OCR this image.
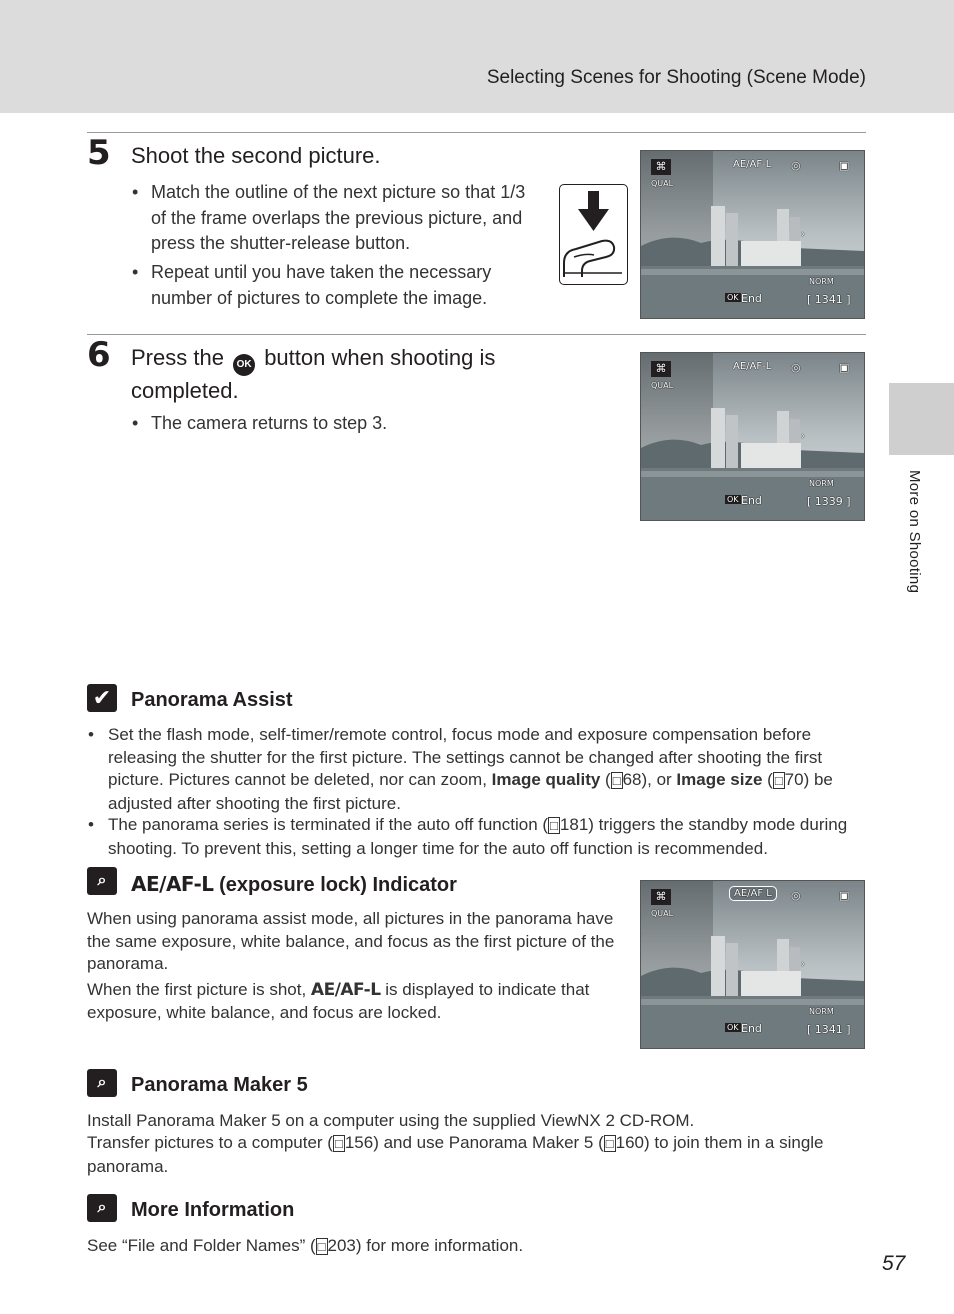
Selecting Scenes for Shooting (Scene Mode)
More on Shooting
5 Shoot the second picture.
• Match the outline of the next picture so that 1/3 of the frame overlaps the previous picture, and press the shutter-release button.
• Repeat until you have taken the necessary number of pictures to complete the image.
⌘
QUAL
AE/AF-L ◎	▣
›
NORM
OK End	[ 1341 ]
6 Press the OK button when shooting is completed.
• The camera returns to step 3.
⌘
QUAL
AE/AF-L ◎	▣
›
NORM
OK End	[ 1339 ]
✔ Panorama Assist
• Set the flash mode, self-timer/remote control, focus mode and exposure compensation before releasing the shutter for the first picture. The settings cannot be changed after shooting the first picture. Pictures cannot be deleted, nor can zoom, Image quality ( □ 68), or Image size ( □ 70) be adjusted after shooting the first picture.
• The panorama series is terminated if the auto off function ( □ 181) triggers the standby mode during shooting. To prevent this, setting a longer time for the auto off function is recommended.
⌕	AE/AF-L (exposure lock) Indicator
When using panorama assist mode, all pictures in the panorama have the same exposure, white balance, and focus as the first picture of the panorama.
When the first picture is shot, AE/AF-L is displayed to indicate that exposure, white balance, and focus are locked.
⌘
QUAL
AE/AF L	◎	▣
›
NORM
OK End	[ 1341 ]
⌕	Panorama Maker 5
Install Panorama Maker 5 on a computer using the supplied ViewNX 2 CD-ROM.
Transfer pictures to a computer ( □ 156) and use Panorama Maker 5 ( □ 160) to join them in a single panorama.
⌕	More Information
See “File and Folder Names” ( □ 203) for more information.
57
